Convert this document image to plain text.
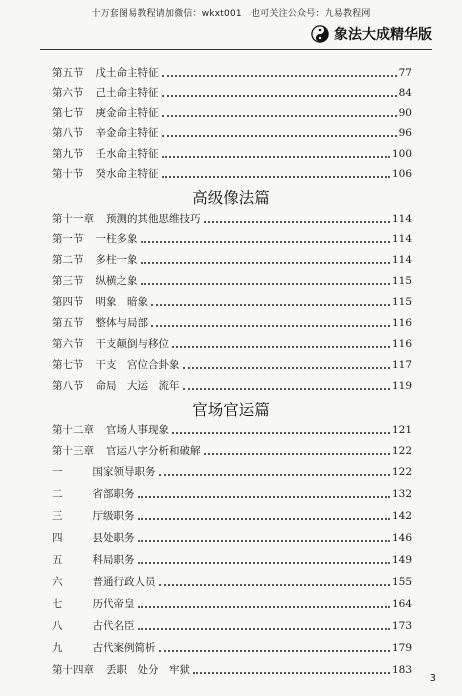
十万套图易教程请加微信：wkxt001　也可关注公众号：九易教程网
象法大成精华版
第五节 戊土命主特征	77
第六节 己土命主特征	84
第七节 庚金命主特征	90
第八节 辛金命主特征	96
第九节 壬水命主特征	100
第十节 癸水命主特征	106
高级像法篇
第十一章 预测的其他思维技巧	114
第一节 一柱多象	114
第二节 多柱一象	114
第三节 纵横之象	115
第四节 明象　暗象	115
第五节 整体与局部	116
第六节 干支颠倒与移位	116
第七节 干支　宫位合卦象	117
第八节 命局　大运　流年	119
官场官运篇
第十二章 官场人事现象	121
第十三章 官运八字分析和破解	122
一	国家领导职务	122
二	省部职务	132
三	厅级职务	142
四	县处职务	146
五	科局职务	149
六	普通行政人员	155
七	历代帝皇	164
八	古代名臣	173
九	古代案例简析	179
第十四章 丢职　处分　牢狱	183
3
